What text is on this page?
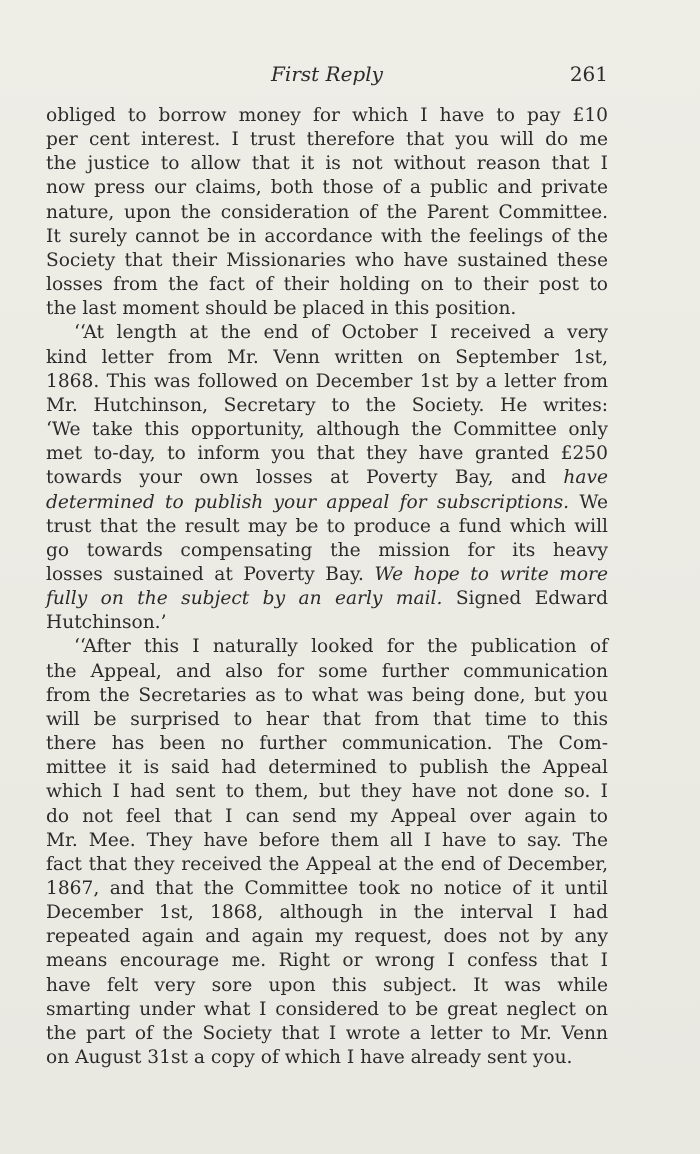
First Reply	261
obliged to borrow money for which I have to pay £10
per cent interest. I trust therefore that you will do me
the justice to allow that it is not without reason that I
now press our claims, both those of a public and private
nature, upon the consideration of the Parent Committee.
It surely cannot be in accordance with the feelings of the
Society that their Missionaries who have sustained these
losses from the fact of their holding on to their post to
the last moment should be placed in this position.
‘‘At length at the end of October I received a very
kind letter from Mr. Venn written on September 1st,
1868. This was followed on December 1st by a letter from
Mr. Hutchinson, Secretary to the Society. He writes:
‘We take this opportunity, although the Committee only
met to-day, to inform you that they have granted £250
towards your own losses at Poverty Bay, and have
determined to publish your appeal for subscriptions. We
trust that the result may be to produce a fund which will
go towards compensating the mission for its heavy
losses sustained at Poverty Bay. We hope to write more
fully on the subject by an early mail. Signed Edward
Hutchinson.’
‘‘After this I naturally looked for the publication of
the Appeal, and also for some further communication
from the Secretaries as to what was being done, but you
will be surprised to hear that from that time to this
there has been no further communication. The Com-
mittee it is said had determined to publish the Appeal
which I had sent to them, but they have not done so. I
do not feel that I can send my Appeal over again to
Mr. Mee. They have before them all I have to say. The
fact that they received the Appeal at the end of December,
1867, and that the Committee took no notice of it until
December 1st, 1868, although in the interval I had
repeated again and again my request, does not by any
means encourage me. Right or wrong I confess that I
have felt very sore upon this subject. It was while
smarting under what I considered to be great neglect on
the part of the Society that I wrote a letter to Mr. Venn
on August 31st a copy of which I have already sent you.
